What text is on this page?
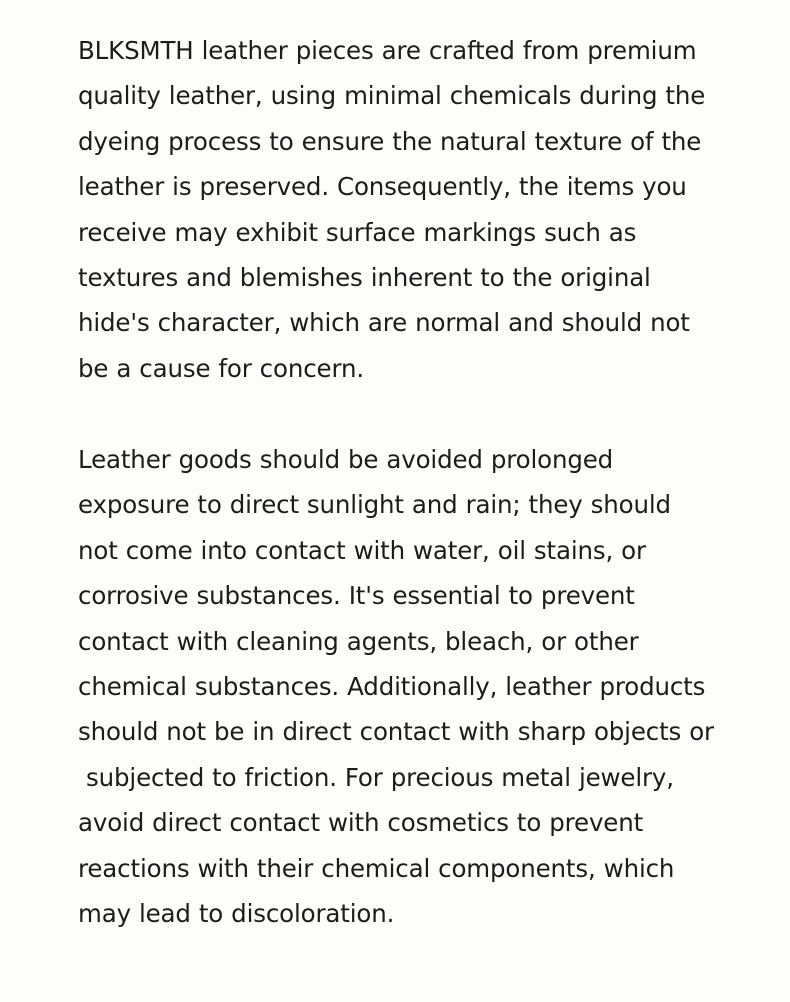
BLKSMTH leather pieces are crafted from premium
quality leather, using minimal chemicals during the
dyeing process to ensure the natural texture of the
leather is preserved. Consequently, the items you
receive may exhibit surface markings such as
textures and blemishes inherent to the original
hide's character, which are normal and should not
be a cause for concern.

Leather goods should be avoided prolonged
exposure to direct sunlight and rain; they should
not come into contact with water, oil stains, or
corrosive substances. It's essential to prevent
contact with cleaning agents, bleach, or other
chemical substances. Additionally, leather products
should not be in direct contact with sharp objects or
subjected to friction. For precious metal jewelry,
avoid direct contact with cosmetics to prevent
reactions with their chemical components, which
may lead to discoloration.
